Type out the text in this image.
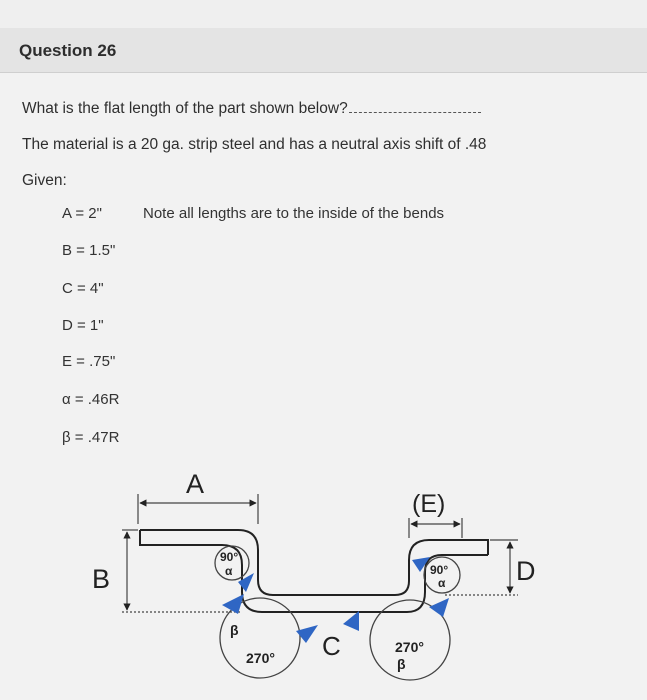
Question 26
What is the flat length of the part shown below?
The material is a 20 ga. strip steel and has a neutral axis shift of .48
Given:
A = 2"	Note all lengths are to the inside of the bends
B = 1.5"
C = 4"
D = 1"
E = .75"
α = .46R
β = .47R
A
B
(E)
D
90°
α
β
270°
90°
α
270°
β
C
